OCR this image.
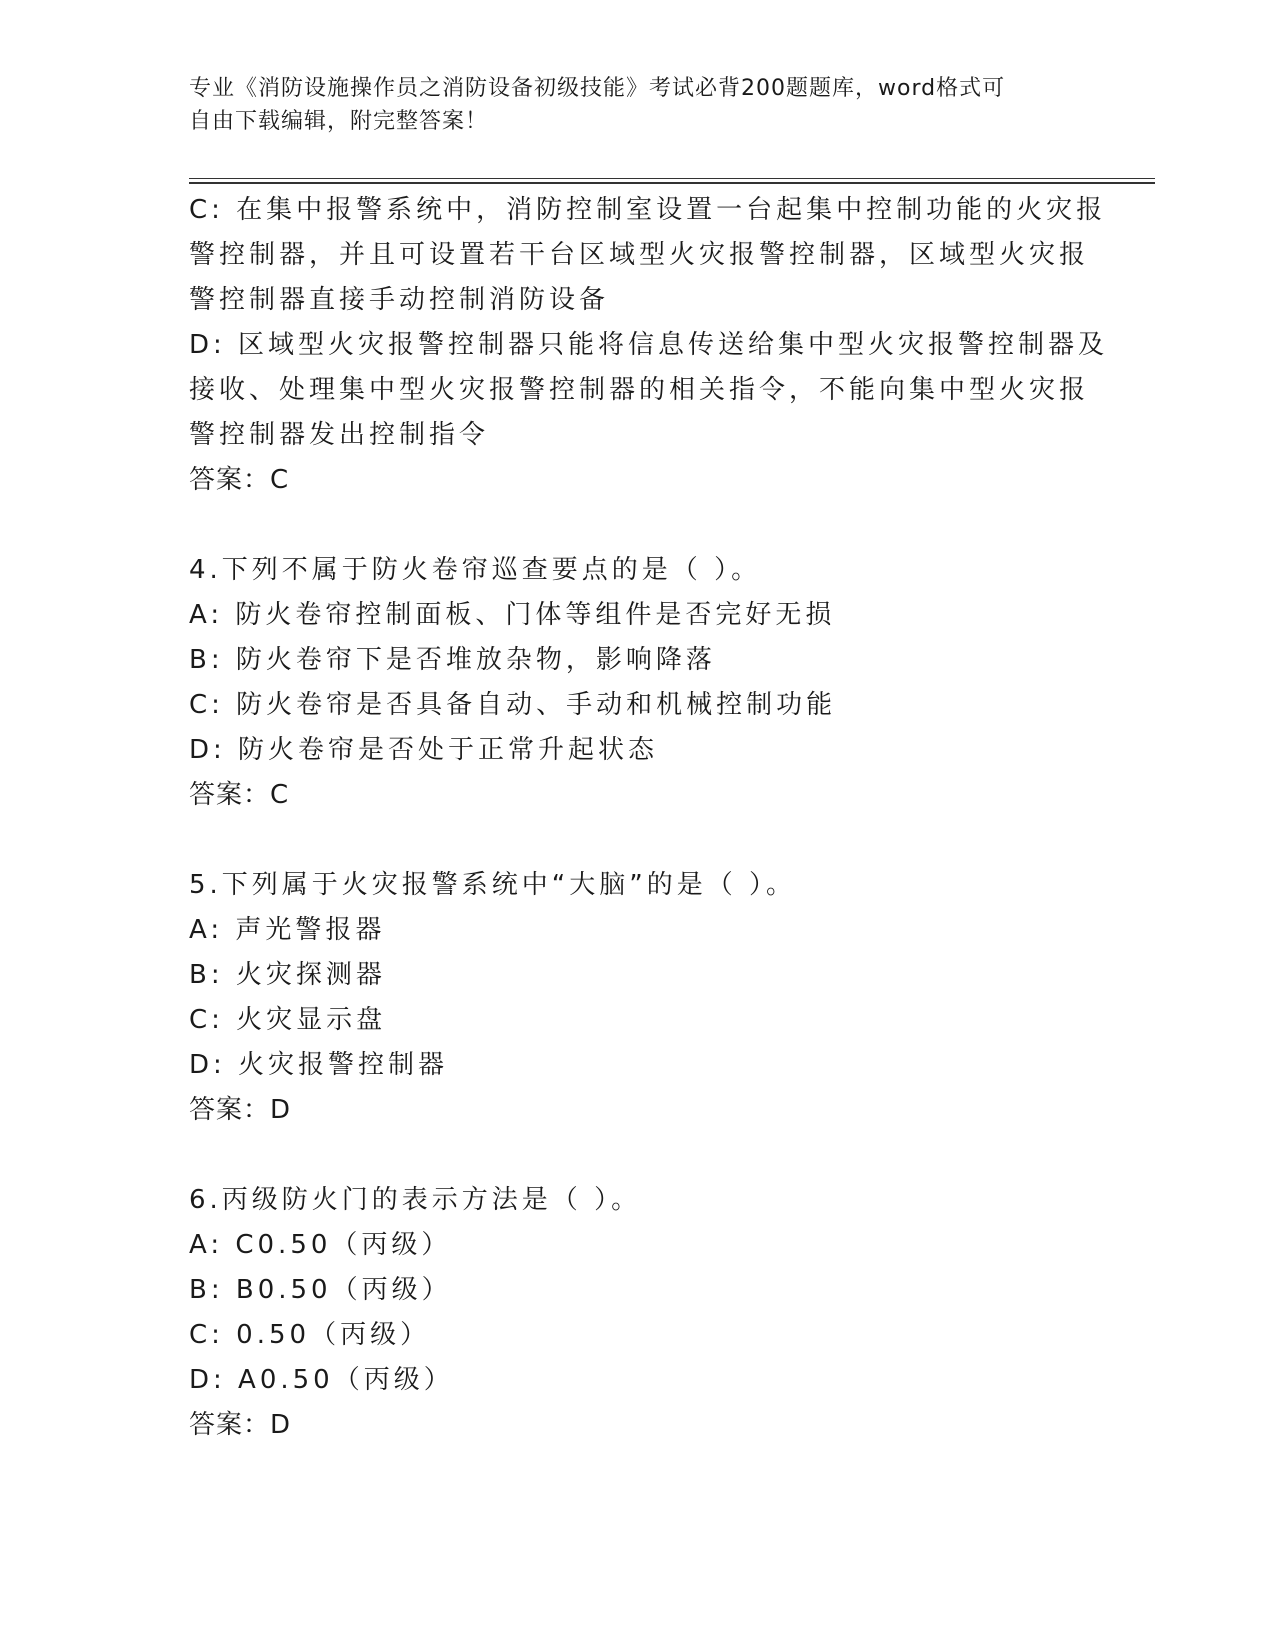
专业《消防设施操作员之消防设备初级技能》考试必背200题题库，word格式可
自由下载编辑，附完整答案！
C: 在集中报警系统中，消防控制室设置一台起集中控制功能的火灾报
警控制器，并且可设置若干台区域型火灾报警控制器，区域型火灾报
警控制器直接手动控制消防设备
D: 区域型火灾报警控制器只能将信息传送给集中型火灾报警控制器及
接收、处理集中型火灾报警控制器的相关指令，不能向集中型火灾报
警控制器发出控制指令
答案：C
4.下列不属于防火卷帘巡查要点的是（ ）。
A: 防火卷帘控制面板、门体等组件是否完好无损
B: 防火卷帘下是否堆放杂物，影响降落
C: 防火卷帘是否具备自动、手动和机械控制功能
D: 防火卷帘是否处于正常升起状态
答案：C
5.下列属于火灾报警系统中“大脑”的是（ ）。
A: 声光警报器
B: 火灾探测器
C: 火灾显示盘
D: 火灾报警控制器
答案：D
6.丙级防火门的表示方法是（ ）。
A: C0.50（丙级）
B: B0.50（丙级）
C: 0.50（丙级）
D: A0.50（丙级）
答案：D
